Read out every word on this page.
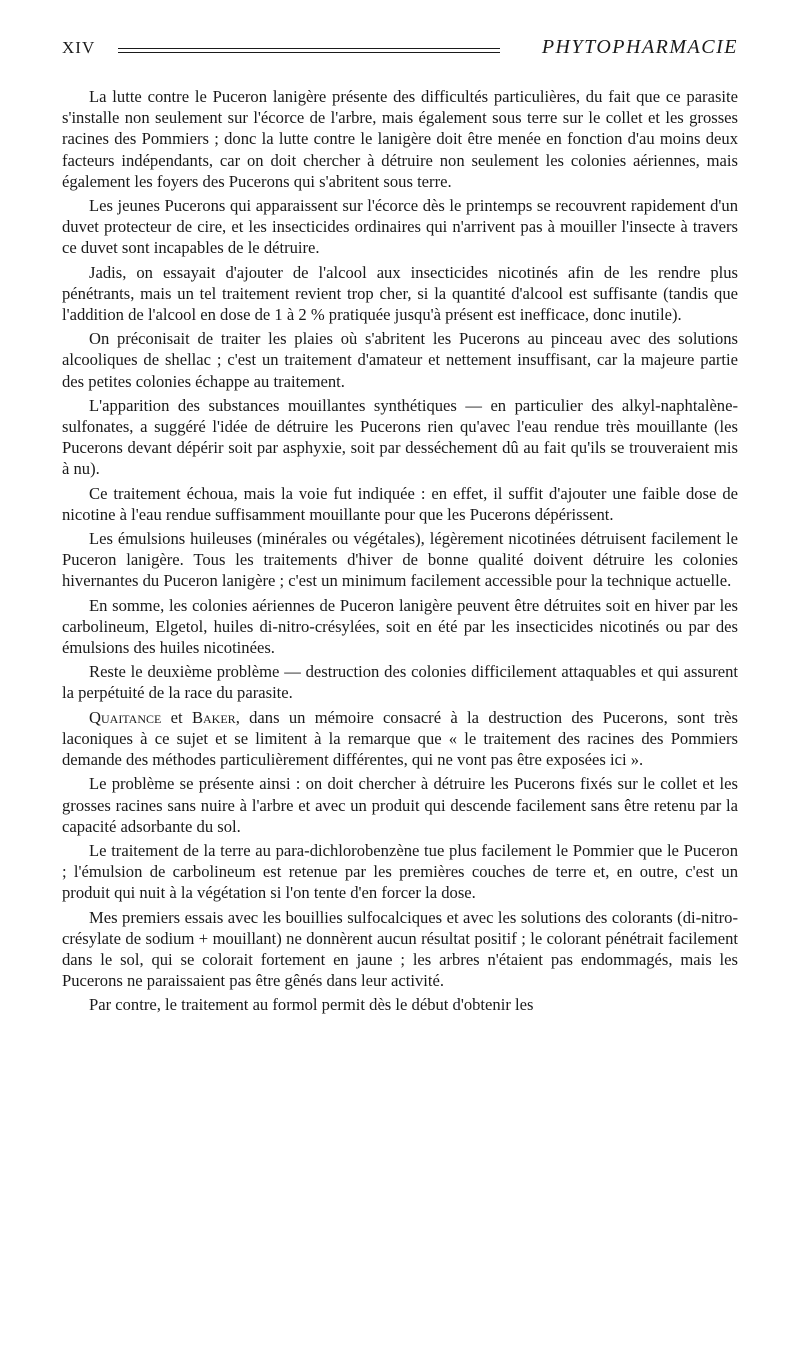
XIV	PHYTOPHARMACIE

La lutte contre le Puceron lanigère présente des difficultés particulières, du fait que ce parasite s'installe non seulement sur l'écorce de l'arbre, mais également sous terre sur le collet et les grosses racines des Pommiers ; donc la lutte contre le lanigère doit être menée en fonction d'au moins deux facteurs indépendants, car on doit chercher à détruire non seulement les colonies aériennes, mais également les foyers des Pucerons qui s'abritent sous terre.

Les jeunes Pucerons qui apparaissent sur l'écorce dès le printemps se recouvrent rapidement d'un duvet protecteur de cire, et les insecticides ordinaires qui n'arrivent pas à mouiller l'insecte à travers ce duvet sont incapables de le détruire.

Jadis, on essayait d'ajouter de l'alcool aux insecticides nicotinés afin de les rendre plus pénétrants, mais un tel traitement revient trop cher, si la quantité d'alcool est suffisante (tandis que l'addition de l'alcool en dose de 1 à 2 % pratiquée jusqu'à présent est inefficace, donc inutile).

On préconisait de traiter les plaies où s'abritent les Pucerons au pinceau avec des solutions alcooliques de shellac ; c'est un traitement d'amateur et nettement insuffisant, car la majeure partie des petites colonies échappe au traitement.

L'apparition des substances mouillantes synthétiques — en particulier des alkyl-naphtalène-sulfonates, a suggéré l'idée de détruire les Pucerons rien qu'avec l'eau rendue très mouillante (les Pucerons devant dépérir soit par asphyxie, soit par desséchement dû au fait qu'ils se trouveraient mis à nu).

Ce traitement échoua, mais la voie fut indiquée : en effet, il suffit d'ajouter une faible dose de nicotine à l'eau rendue suffisamment mouillante pour que les Pucerons dépérissent.

Les émulsions huileuses (minérales ou végétales), légèrement nicotinées détruisent facilement le Puceron lanigère. Tous les traitements d'hiver de bonne qualité doivent détruire les colonies hivernantes du Puceron lanigère ; c'est un minimum facilement accessible pour la technique actuelle.

En somme, les colonies aériennes de Puceron lanigère peuvent être détruites soit en hiver par les carbolineum, Elgetol, huiles di-nitro-crésylées, soit en été par les insecticides nicotinés ou par des émulsions des huiles nicotinées.

Reste le deuxième problème — destruction des colonies difficilement attaquables et qui assurent la perpétuité de la race du parasite.

Quaitance et Baker, dans un mémoire consacré à la destruction des Pucerons, sont très laconiques à ce sujet et se limitent à la remarque que « le traitement des racines des Pommiers demande des méthodes particulièrement différentes, qui ne vont pas être exposées ici ».

Le problème se présente ainsi : on doit chercher à détruire les Pucerons fixés sur le collet et les grosses racines sans nuire à l'arbre et avec un produit qui descende facilement sans être retenu par la capacité adsorbante du sol.

Le traitement de la terre au para-dichlorobenzène tue plus facilement le Pommier que le Puceron ; l'émulsion de carbolineum est retenue par les premières couches de terre et, en outre, c'est un produit qui nuit à la végétation si l'on tente d'en forcer la dose.

Mes premiers essais avec les bouillies sulfocalciques et avec les solutions des colorants (di-nitro-crésylate de sodium + mouillant) ne donnèrent aucun résultat positif ; le colorant pénétrait facilement dans le sol, qui se colorait fortement en jaune ; les arbres n'étaient pas endommagés, mais les Pucerons ne paraissaient pas être gênés dans leur activité.

Par contre, le traitement au formol permit dès le début d'obtenir les
